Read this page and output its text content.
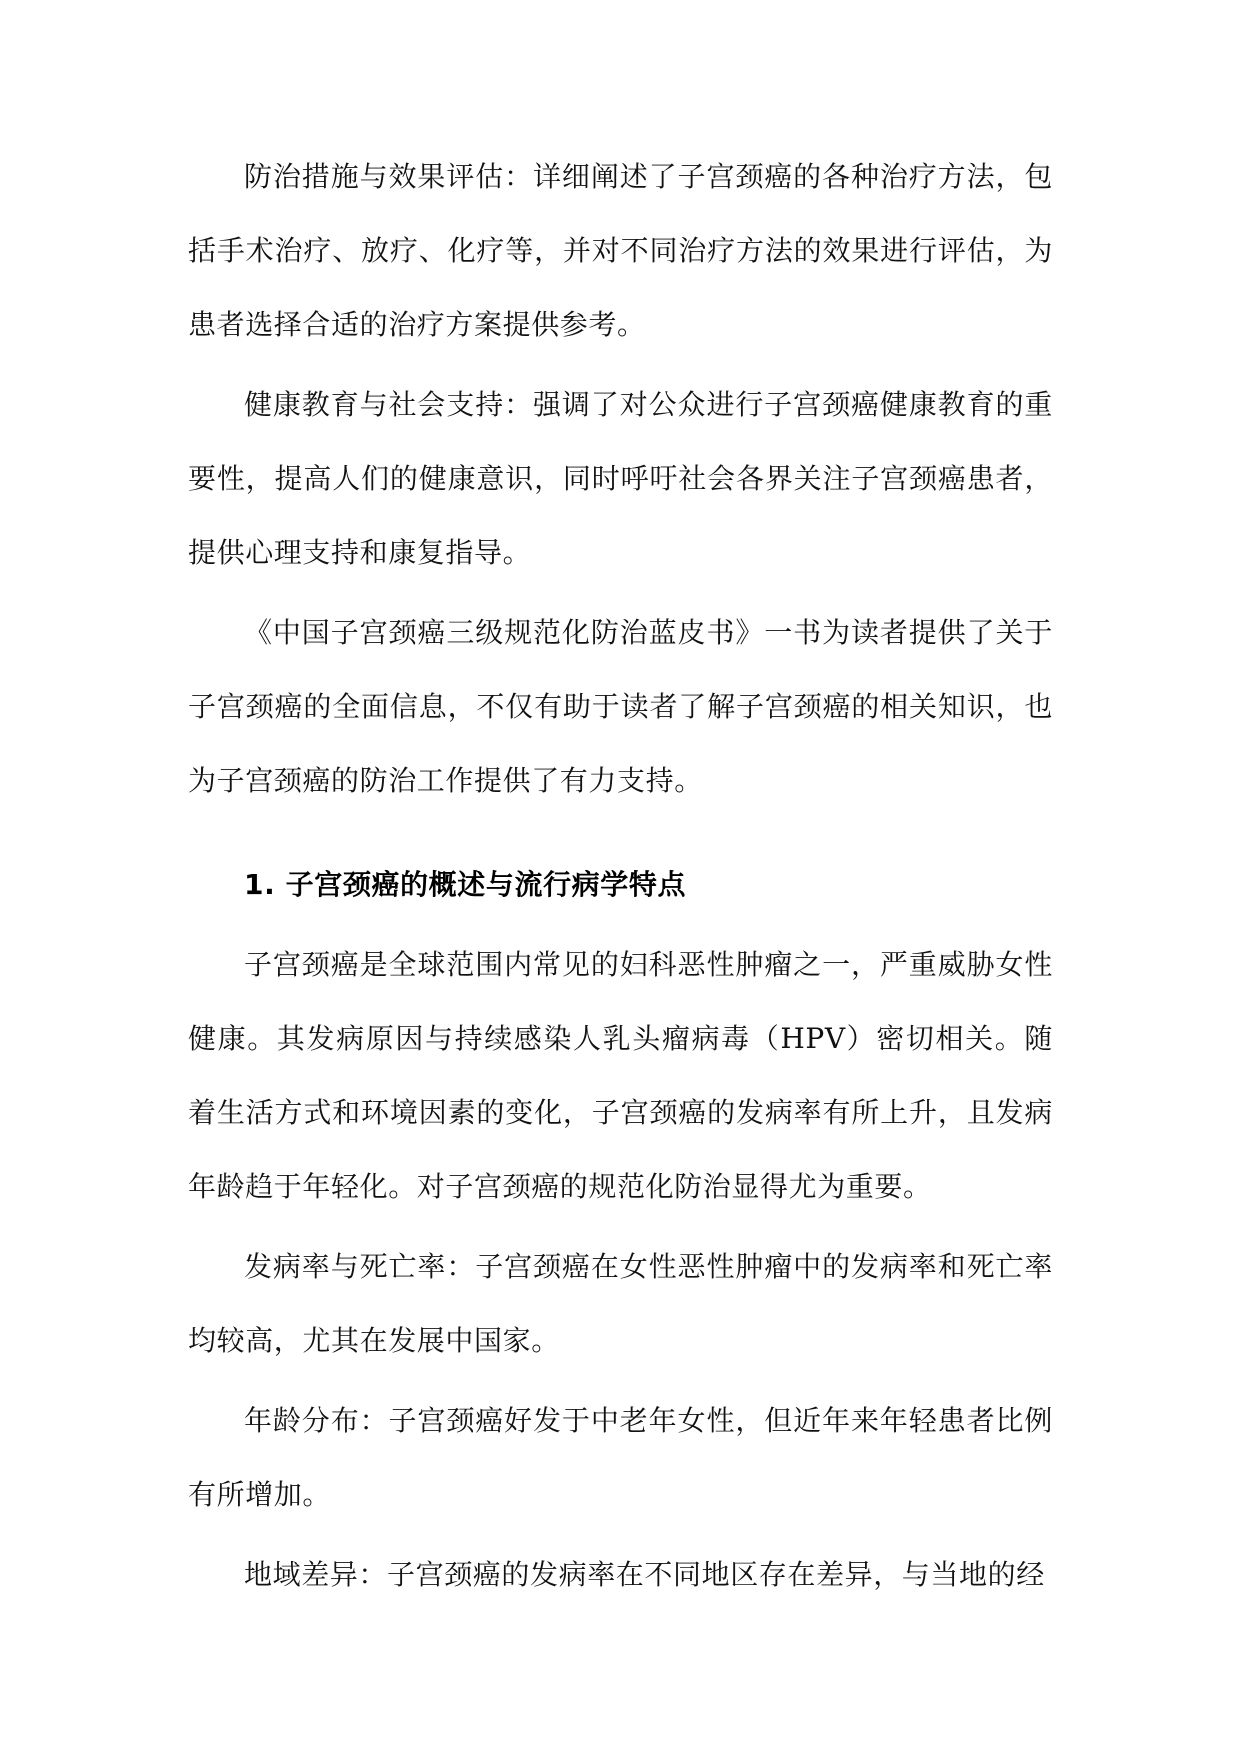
防治措施与效果评估：详细阐述了子宫颈癌的各种治疗方法，包括手术治疗、放疗、化疗等，并对不同治疗方法的效果进行评估，为患者选择合适的治疗方案提供参考。

健康教育与社会支持：强调了对公众进行子宫颈癌健康教育的重要性，提高人们的健康意识，同时呼吁社会各界关注子宫颈癌患者，提供心理支持和康复指导。

《中国子宫颈癌三级规范化防治蓝皮书》一书为读者提供了关于子宫颈癌的全面信息，不仅有助于读者了解子宫颈癌的相关知识，也为子宫颈癌的防治工作提供了有力支持。

1. 子宫颈癌的概述与流行病学特点

子宫颈癌是全球范围内常见的妇科恶性肿瘤之一，严重威胁女性健康。其发病原因与持续感染人乳头瘤病毒（HPV）密切相关。随着生活方式和环境因素的变化，子宫颈癌的发病率有所上升，且发病年龄趋于年轻化。对子宫颈癌的规范化防治显得尤为重要。

发病率与死亡率：子宫颈癌在女性恶性肿瘤中的发病率和死亡率均较高，尤其在发展中国家。

年龄分布：子宫颈癌好发于中老年女性，但近年来年轻患者比例有所增加。

地域差异：子宫颈癌的发病率在不同地区存在差异，与当地的经
